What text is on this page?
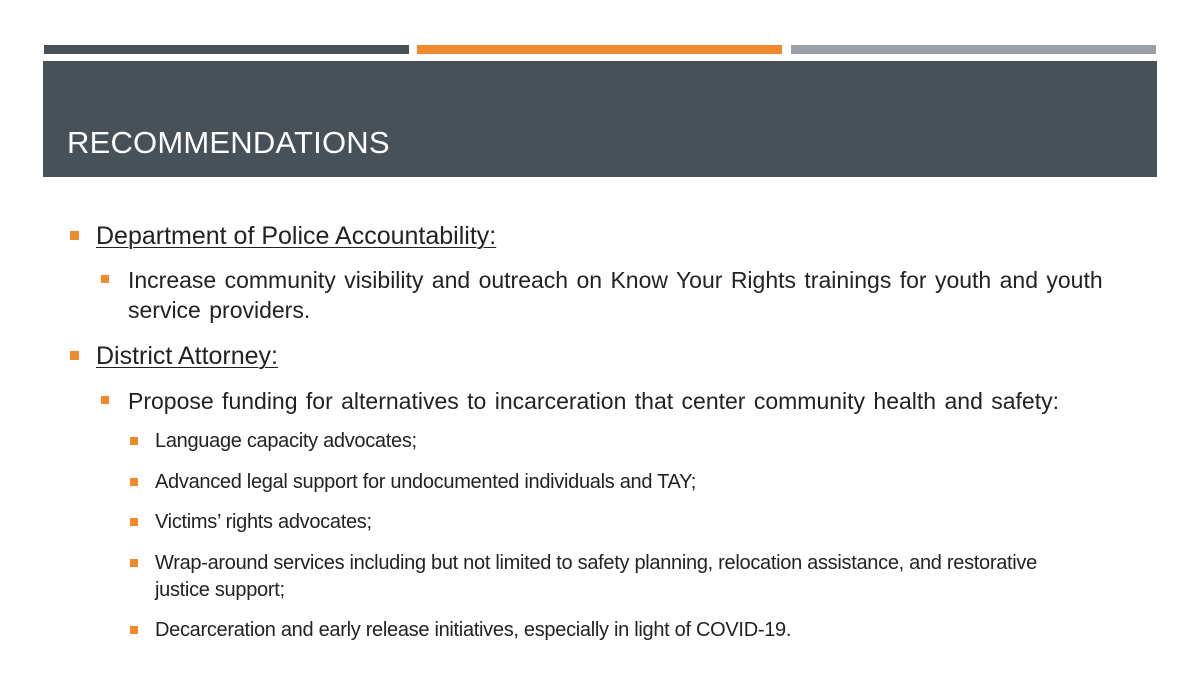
RECOMMENDATIONS
Department of Police Accountability:
Increase community visibility and outreach on Know Your Rights trainings for youth and youth service providers.
District Attorney:
Propose funding for alternatives to incarceration that center community health and safety:
Language capacity advocates;
Advanced legal support for undocumented individuals and TAY;
Victims’ rights advocates;
Wrap-around services including but not limited to safety planning, relocation assistance, and restorative justice support;
Decarceration and early release initiatives, especially in light of COVID-19.
